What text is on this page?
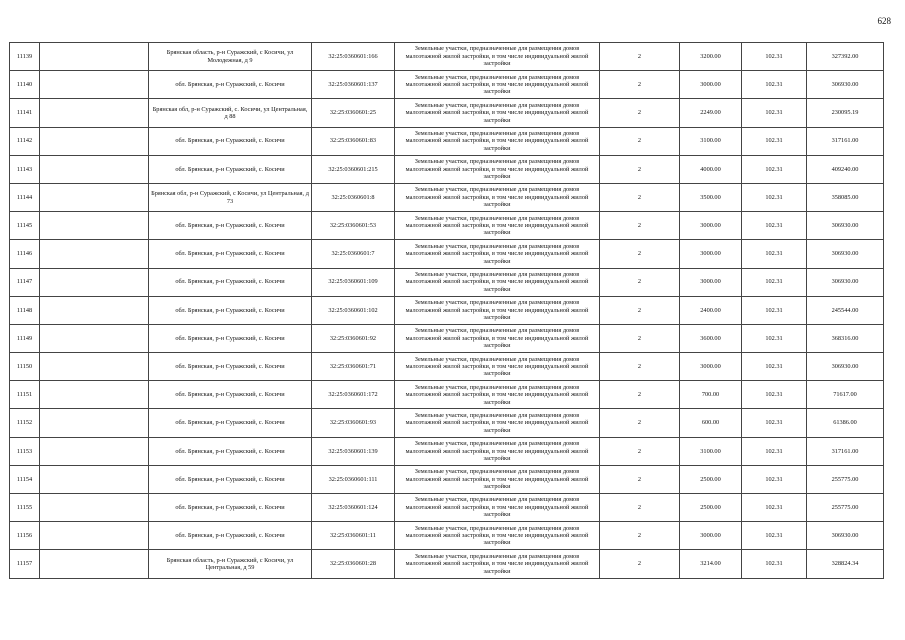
628
11139		Брянская область, р-н Суражский, с Косичи, ул Молодежная, д 9	32:25:0360601:166	Земельные участки, предназначенные для размещения домов малоэтажной жилой застройки, в том числе индивидуальной жилой застройки	2	3200.00	102.31	327392.00
11140		обл. Брянская, р-н Суражский, с. Косичи	32:25:0360601:137	Земельные участки, предназначенные для размещения домов малоэтажной жилой застройки, в том числе индивидуальной жилой застройки	2	3000.00	102.31	306930.00
11141		Брянская обл, р-н Суражский, с. Косичи, ул Центральная, д 88	32:25:0360601:25	Земельные участки, предназначенные для размещения домов малоэтажной жилой застройки, в том числе индивидуальной жилой застройки	2	2249.00	102.31	230095.19
11142		обл. Брянская, р-н Суражский, с. Косичи	32:25:0360601:83	Земельные участки, предназначенные для размещения домов малоэтажной жилой застройки, в том числе индивидуальной жилой застройки	2	3100.00	102.31	317161.00
11143		обл. Брянская, р-н Суражский, с. Косичи	32:25:0360601:215	Земельные участки, предназначенные для размещения домов малоэтажной жилой застройки, в том числе индивидуальной жилой застройки	2	4000.00	102.31	409240.00
11144		Брянская обл, р-н Суражский, с Косичи, ул Центральная, д 73	32:25:0360601:8	Земельные участки, предназначенные для размещения домов малоэтажной жилой застройки, в том числе индивидуальной жилой застройки	2	3500.00	102.31	358085.00
11145		обл. Брянская, р-н Суражский, с. Косичи	32:25:0360601:53	Земельные участки, предназначенные для размещения домов малоэтажной жилой застройки, в том числе индивидуальной жилой застройки	2	3000.00	102.31	306930.00
11146		обл. Брянская, р-н Суражский, с. Косичи	32:25:0360601:7	Земельные участки, предназначенные для размещения домов малоэтажной жилой застройки, в том числе индивидуальной жилой застройки	2	3000.00	102.31	306930.00
11147		обл. Брянская, р-н Суражский, с. Косичи	32:25:0360601:109	Земельные участки, предназначенные для размещения домов малоэтажной жилой застройки, в том числе индивидуальной жилой застройки	2	3000.00	102.31	306930.00
11148		обл. Брянская, р-н Суражский, с. Косичи	32:25:0360601:102	Земельные участки, предназначенные для размещения домов малоэтажной жилой застройки, в том числе индивидуальной жилой застройки	2	2400.00	102.31	245544.00
11149		обл. Брянская, р-н Суражский, с. Косичи	32:25:0360601:92	Земельные участки, предназначенные для размещения домов малоэтажной жилой застройки, в том числе индивидуальной жилой застройки	2	3600.00	102.31	368316.00
11150		обл. Брянская, р-н Суражский, с. Косичи	32:25:0360601:71	Земельные участки, предназначенные для размещения домов малоэтажной жилой застройки, в том числе индивидуальной жилой застройки	2	3000.00	102.31	306930.00
11151		обл. Брянская, р-н Суражский, с. Косичи	32:25:0360601:172	Земельные участки, предназначенные для размещения домов малоэтажной жилой застройки, в том числе индивидуальной жилой застройки	2	700.00	102.31	71617.00
11152		обл. Брянская, р-н Суражский, с. Косичи	32:25:0360601:93	Земельные участки, предназначенные для размещения домов малоэтажной жилой застройки, в том числе индивидуальной жилой застройки	2	600.00	102.31	61386.00
11153		обл. Брянская, р-н Суражский, с. Косичи	32:25:0360601:139	Земельные участки, предназначенные для размещения домов малоэтажной жилой застройки, в том числе индивидуальной жилой застройки	2	3100.00	102.31	317161.00
11154		обл. Брянская, р-н Суражский, с. Косичи	32:25:0360601:111	Земельные участки, предназначенные для размещения домов малоэтажной жилой застройки, в том числе индивидуальной жилой застройки	2	2500.00	102.31	255775.00
11155		обл. Брянская, р-н Суражский, с. Косичи	32:25:0360601:124	Земельные участки, предназначенные для размещения домов малоэтажной жилой застройки, в том числе индивидуальной жилой застройки	2	2500.00	102.31	255775.00
11156		обл. Брянская, р-н Суражский, с. Косичи	32:25:0360601:11	Земельные участки, предназначенные для размещения домов малоэтажной жилой застройки, в том числе индивидуальной жилой застройки	2	3000.00	102.31	306930.00
11157		Брянская область, р-н Суражский, с Косичи, ул Центральная, д 59	32:25:0360601:28	Земельные участки, предназначенные для размещения домов малоэтажной жилой застройки, в том числе индивидуальной жилой застройки	2	3214.00	102.31	328824.34
